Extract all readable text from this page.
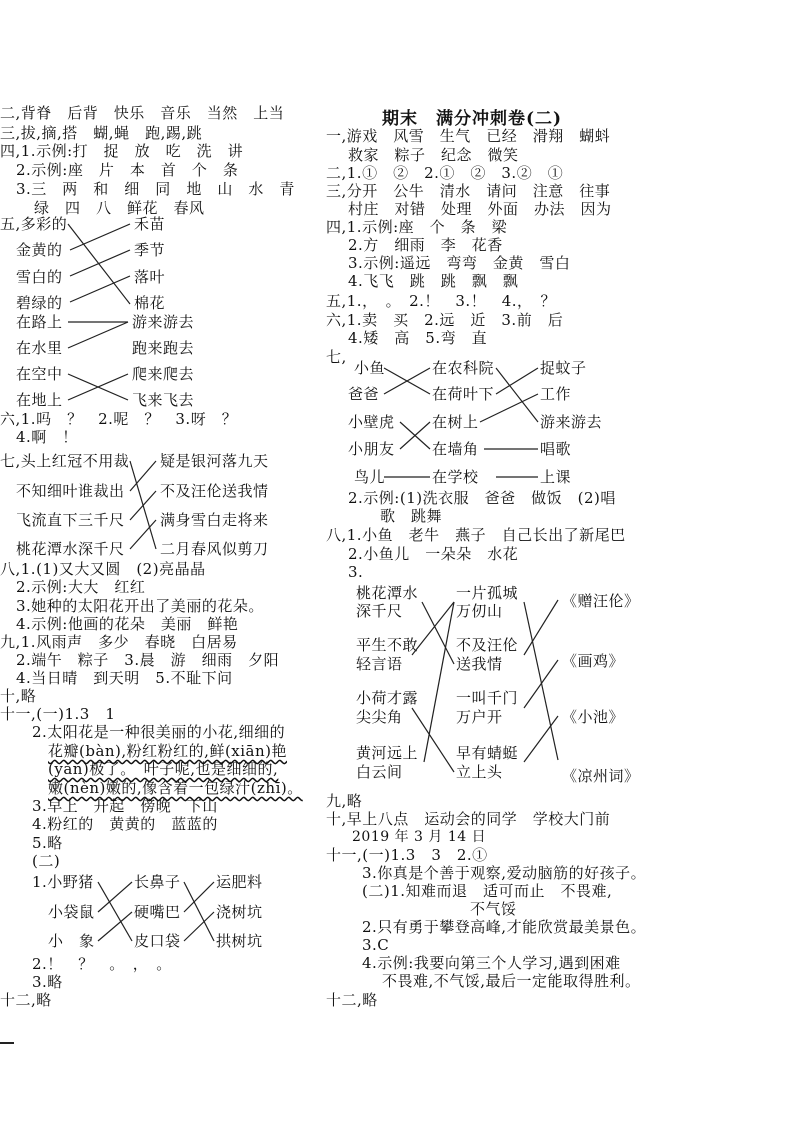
二,背脊　后背　快乐　音乐　当然　上当
三,拔,摘,搭　蝴,蝇　跑,踢,跳
四,1.示例:打　捉　放　吃　洗　讲
2.示例:座　片　本　首　个　条
3.三　两　和　细　同　地　山　水　青
绿　四　八　鲜花　春风
五,多彩的
金黄的
雪白的
碧绿的
禾苗
季节
落叶
棉花
在路上
在水里
在空中
在地上
游来游去
跑来跑去
爬来爬去
飞来飞去
六,1.吗　？　2.呢　？　3.呀　？
4.啊　！
七,头上红冠不用裁
不知细叶谁裁出
飞流直下三千尺
桃花潭水深千尺
疑是银河落九天
不及汪伦送我情
满身雪白走将来
二月春风似剪刀
八,1.(1)又大又圆　(2)亮晶晶
2.示例:大大　红红
3.她种的太阳花开出了美丽的花朵。
4.示例:他画的花朵　美丽　鲜艳
九,1.风雨声　多少　春晓　白居易
2.端午　粽子　3.晨　游　细雨　夕阳
4.当日晴　到天明　5.不耻下问
十,略
十一,(一)1.3　1
2.太阳花是一种很美丽的小花,细细的
花瓣(bàn),粉红粉红的,鲜(xiān)艳
(yàn)极了。　叶子呢,也是细细的,
嫩(nèn)嫩的,像含着一包绿汁(zhī)。
3.早上　开起　傍晚　下山
4.粉红的　黄黄的　蓝蓝的
5.略
(二)
1.小野猪
小袋鼠
小　象
长鼻子
硬嘴巴
皮口袋
运肥料
浇树坑
拱树坑
2.！　？　。　，　。
3.略
十二,略
期末　满分冲刺卷(二)
一,游戏　风雪　生气　已经　滑翔　蝴蚪
救家　粽子　纪念　微笑
二,1.①　②　2.①　②　3.②　①
三,分开　公牛　清水　请问　注意　往事
村庄　对错　处理　外面　办法　因为
四,1.示例:座　个　条　梁
2.方　细雨　李　花香
3.示例:遥远　弯弯　金黄　雪白
4.飞飞　跳　跳　飘　飘
五,1.，　。　2.！　3.！　4.，　？
六,1.卖　买　2.远　近　3.前　后
4.矮　高　5.弯　直
七,
小鱼
爸爸
小壁虎
小朋友
鸟儿
在农科院
在荷叶下
在树上
在墙角
在学校
捉蚊子
工作
游来游去
唱歌
上课
2.示例:(1)洗衣服　爸爸　做饭　(2)唱
歌　跳舞
八,1.小鱼　老牛　燕子　自己长出了新尾巴
2.小鱼儿　一朵朵　水花
3.
桃花潭水
深千尺
平生不敢
轻言语
小荷才露
尖尖角
黄河远上
白云间
一片孤城
万仞山
不及汪伦
送我情
一叫千门
万户开
早有蜻蜓
立上头
《赠汪伦》
《画鸡》
《小池》
《凉州词》
九,略
十,早上八点　运动会的同学　学校大门前
2019 年 3 月 14 日
十一,(一)1.3　3　2.①
3.你真是个善于观察,爱动脑筋的好孩子。
(二)1.知难而退　适可而止　不畏难,
不气馁
2.只有勇于攀登高峰,才能欣赏最美景色。
3.C
4.示例:我要向第三个人学习,遇到困难
不畏难,不气馁,最后一定能取得胜利。
十二,略
